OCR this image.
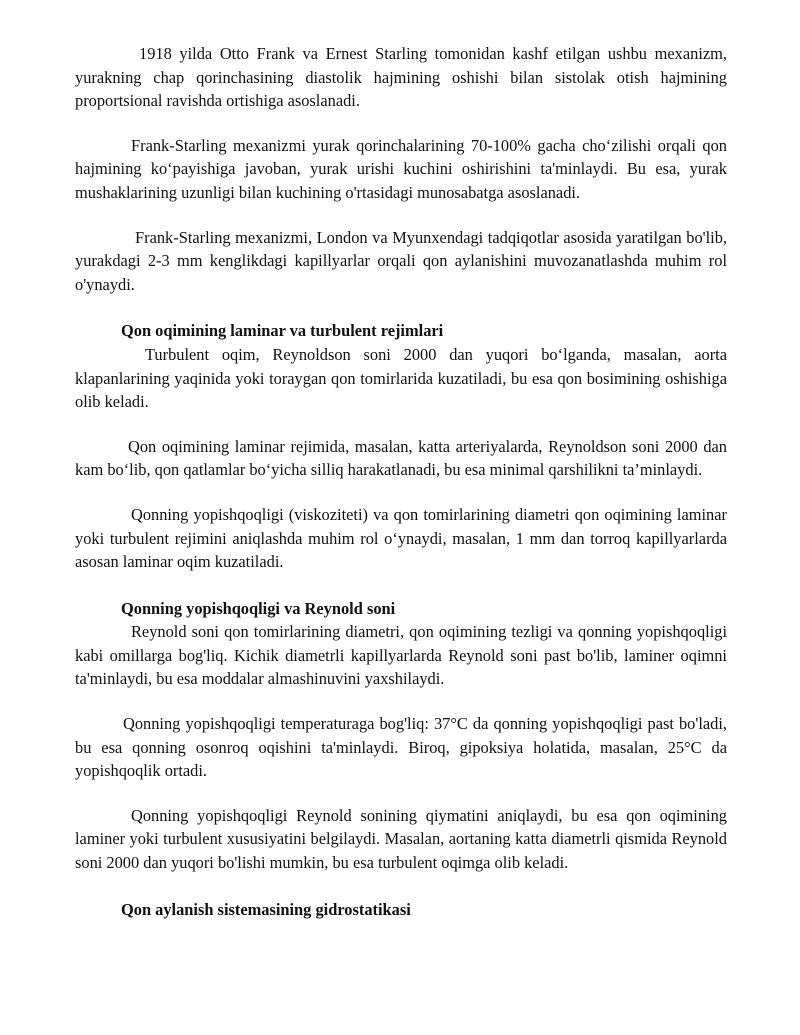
1918 yilda Otto Frank va Ernest Starling tomonidan kashf etilgan ushbu mexanizm, yurakning chap qorinchasining diastolik hajmining oshishi bilan sistolak otish hajmining proportsional ravishda ortishiga asoslanadi.

Frank-Starling mexanizmi yurak qorinchalarining 70-100% gacha cho‘zilishi orqali qon hajmining ko‘payishiga javoban, yurak urishi kuchini oshirishini ta'minlaydi. Bu esa, yurak mushaklarining uzunligi bilan kuchining o'rtasidagi munosabatga asoslanadi.

Frank-Starling mexanizmi, London va Myunxendagi tadqiqotlar asosida yaratilgan bo'lib, yurakdagi 2-3 mm kenglikdagi kapillyarlar orqali qon aylanishini muvozanatlashda muhim rol o'ynaydi.

Qon oqimining laminar va turbulent rejimlari

Turbulent oqim, Reynoldson soni 2000 dan yuqori bo‘lganda, masalan, aorta klapanlarining yaqinida yoki toraygan qon tomirlarida kuzatiladi, bu esa qon bosimining oshishiga olib keladi.

Qon oqimining laminar rejimida, masalan, katta arteriyalarda, Reynoldson soni 2000 dan kam bo‘lib, qon qatlamlar bo‘yicha silliq harakatlanadi, bu esa minimal qarshilikni ta’minlaydi.

Qonning yopishqoqligi (viskoziteti) va qon tomirlarining diametri qon oqimining laminar yoki turbulent rejimini aniqlashda muhim rol o‘ynaydi, masalan, 1 mm dan torroq kapillyarlarda asosan laminar oqim kuzatiladi.

Qonning yopishqoqligi va Reynold soni

Reynold soni qon tomirlarining diametri, qon oqimining tezligi va qonning yopishqoqligi kabi omillarga bog'liq. Kichik diametrli kapillyarlarda Reynold soni past bo'lib, laminer oqimni ta'minlaydi, bu esa moddalar almashinuvini yaxshilaydi.

Qonning yopishqoqligi temperaturaga bog'liq: 37°C da qonning yopishqoqligi past bo'ladi, bu esa qonning osonroq oqishini ta'minlaydi. Biroq, gipoksiya holatida, masalan, 25°C da yopishqoqlik ortadi.

Qonning yopishqoqligi Reynold sonining qiymatini aniqlaydi, bu esa qon oqimining laminer yoki turbulent xususiyatini belgilaydi. Masalan, aortaning katta diametrli qismida Reynold soni 2000 dan yuqori bo'lishi mumkin, bu esa turbulent oqimga olib keladi.

Qon aylanish sistemasining gidrostatikasi
